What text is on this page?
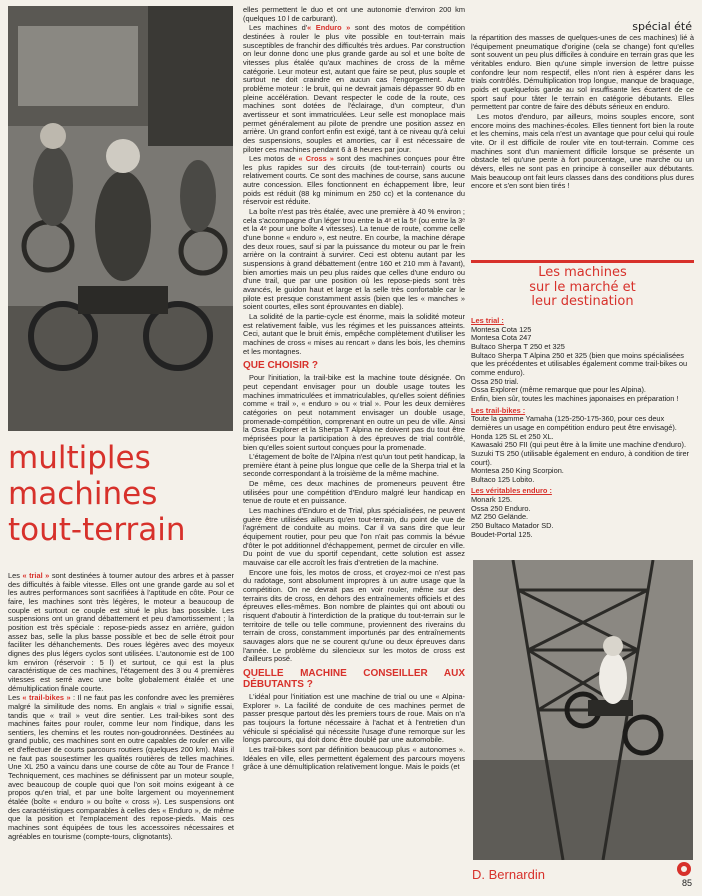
multiples
machines
tout-terrain

Les « trial » sont destinées à tourner autour des arbres et à passer des difficultés à faible vitesse. Elles ont une grande garde au sol et les autres performances sont sacrifiées à l'aptitude en côte. Pour ce faire, les machines sont très légères, le moteur a beaucoup de couple et surtout ce couple est situé le plus bas possible. Les suspensions ont un grand débattement et peu d'amortissement ; la position est très spéciale : repose-pieds assez en arrière, guidon assez bas, selle la plus basse possible et bec de selle étroit pour faciliter les déhanchements. Des roues légères avec des moyeux dignes des plus légers cyclos sont utilisées. L'autonomie est de 100 km environ (réservoir : 5 l) et surtout, ce qui est la plus caractéristique de ces machines, l'étagement des 3 ou 4 premières vitesses est serré avec une boîte globalement étalée et une démultiplication finale courte.

Les « trail-bikes » : Il ne faut pas les confondre avec les premières malgré la similitude des noms. En anglais « trial » signifie essai, tandis que « trail » veut dire sentier. Les trail-bikes sont des machines faites pour rouler, comme leur nom l'indique, dans les sentiers, les chemins et les routes non-goudronnées. Destinées au grand public, ces machines sont en outre capables de rouler en ville et d'effectuer de courts parcours routiers (quelques 200 km). Mais il ne faut pas sousestimer les qualités routières de telles machines. Une XL 250 a vaincu dans une course de côte au Tour de France ! Techniquement, ces machines se définissent par un moteur souple, avec beaucoup de couple quoi que l'on soit moins exigeant à ce propos qu'en trial, et par une boîte largement ou moyennement étalée (boîte « enduro » ou boîte « cross »). Les suspensions ont des caractéristiques comparables à celles des « Enduro », de même que la position et l'emplacement des repose-pieds. Mais ces machines sont équipées de tous les accessoires nécessaires et agréables en tourisme (compte-tours, clignotants).

elles permettent le duo et ont une autonomie d'environ 200 km (quelques 10 l de carburant).

Les machines d'« Enduro » sont des motos de compétition destinées à rouler le plus vite possible en tout-terrain mais susceptibles de franchir des difficultés très ardues. Par construction on leur donne donc une plus grande garde au sol et une boîte de vitesses plus étalée qu'aux machines de cross de la même catégorie. Leur moteur est, autant que faire se peut, plus souple et surtout ne doit craindre en aucun cas l'engorgement. Autre problème moteur : le bruit, qui ne devrait jamais dépasser 90 db en pleine accélération. Devant respecter le code de la route, ces machines sont dotées de l'éclairage, d'un compteur, d'un avertisseur et sont immatriculées. Leur selle est monoplace mais permet généralement au pilote de prendre une position assez en arrière. Un grand confort enfin est exigé, tant à ce niveau qu'à celui des suspensions, souples et amorties, car il est nécessaire de piloter ces machines pendant 6 à 8 heures par jour.

Les motos de « Cross » sont des machines conçues pour être les plus rapides sur des circuits (de tout-terrain) courts ou relativement courts. Ce sont des machines de course, sans aucune autre concession. Elles fonctionnent en échappement libre, leur poids est réduit (88 kg minimum en 250 cc) et la contenance du réservoir est réduite.

La boîte n'est pas très étalée, avec une première à 40 % environ ; cela s'accompagne d'un léger trou entre la 4ᵉ et la 5ᵉ (ou entre la 3ᵉ et la 4ᵉ pour une boîte 4 vitesses). La tenue de route, comme celle d'une bonne « enduro », est neutre. En courbe, la machine dérape des deux roues, sauf si par la puissance du moteur ou par le frein arrière on la contraint à survirer. Ceci est obtenu autant par les suspensions à grand débattement (entre 160 et 210 mm à l'avant), bien amorties mais un peu plus raides que celles d'une enduro ou d'une trail, que par une position où les repose-pieds sont très avancés, le guidon haut et large et la selle très confortable car le pilote est presque constamment assis (bien que les « manches » soient courtes, elles sont éprouvantes en diable).

La solidité de la partie-cycle est énorme, mais la solidité moteur est relativement faible, vus les régimes et les puissances atteints. Ceci, autant que le bruit émis, empêche complètement d'utiliser les machines de cross « mises au rencart » dans les bois, les chemins et les montagnes.

QUE CHOISIR ?

Pour l'initiation, la trail-bike est la machine toute désignée. On peut cependant envisager pour un double usage toutes les machines immatriculées et immatriculables, qu'elles soient définies comme « trail », « enduro » ou « trial ». Pour les deux dernières catégories on peut notamment envisager un double usage, promenade-compétition, comprenant en outre un peu de ville. Ainsi la Ossa Explorer et la Sherpa T Alpina ne doivent pas du tout être méprisées pour la participation à des épreuves de trial contrôlé, bien qu'elles soient surtout conçues pour la promenade.

L'étagement de boîte de l'Alpina n'est qu'un tout petit handicap, la première étant à peine plus longue que celle de la Sherpa trial et la seconde correspondant à la troisième de la même machine.

De même, ces deux machines de promeneurs peuvent être utilisées pour une compétition d'Enduro malgré leur handicap en tenue de route et en puissance.

Les machines d'Enduro et de Trial, plus spécialisées, ne peuvent guère être utilisées ailleurs qu'en tout-terrain, du point de vue de l'agrément de conduite au moins. Car il va sans dire que leur équipement routier, pour peu que l'on n'ait pas commis la bévue d'ôter le pot additionnel d'échappement, permet de circuler en ville. Du point de vue du sportif cependant, cette solution est assez mauvaise car elle accroît les frais d'entretien de la machine.

Encore une fois, les motos de cross, et croyez-moi ce n'est pas du radotage, sont absolument impropres à un autre usage que la compétition. On ne devrait pas en voir rouler, même sur des terrains dits de cross, en dehors des entraînements officiels et des épreuves elles-mêmes. Bon nombre de plaintes qui ont abouti ou risquent d'aboutir à l'interdiction de la pratique du tout-terrain sur le territoire de telle ou telle commune, proviennent des riverains du terrain de cross, constamment importunés par des entraînements sauvages alors que ne se courent qu'une ou deux épreuves dans l'année. Le problème du silencieux sur les motos de cross est d'ailleurs posé.

QUELLE MACHINE CONSEILLER AUX DÉBUTANTS ?

L'idéal pour l'initiation est une machine de trial ou une « Alpina-Explorer ». La facilité de conduite de ces machines permet de passer presque partout dès les premiers tours de roue. Mais on n'a pas toujours la fortune nécessaire à l'achat et à l'entretien d'un véhicule si spécialisé qui nécessite l'usage d'une remorque sur les longs parcours, qui doit donc être doublé par une automobile.

Les trail-bikes sont par définition beaucoup plus « autonomes ». Idéales en ville, elles permettent également des parcours moyens grâce à une démultiplication relativement longue. Mais le poids (et

spécial été

la répartition des masses de quelques-unes de ces machines) lié à l'équipement pneumatique d'origine (cela se change) font qu'elles sont souvent un peu plus difficiles à conduire en terrain gras que les véritables enduro. Bien qu'une simple inversion de lettre puisse confondre leur nom respectif, elles n'ont rien à espérer dans les trials contrôlés. Démultiplication trop longue, manque de braquage, poids et quelquefois garde au sol insuffisante les écartent de ce sport sauf pour tâter le terrain en catégorie débutants. Elles permettent par contre de faire des débuts sérieux en enduro.

Les motos d'enduro, par ailleurs, moins souples encore, sont encore moins des machines-écoles. Elles tiennent fort bien la route et les chemins, mais cela n'est un avantage que pour celui qui roule vite. Or il est difficile de rouler vite en tout-terrain. Comme ces machines sont d'un maniement difficile lorsque se présente un obstacle tel qu'une pente à fort pourcentage, une marche ou un dévers, elles ne sont pas en principe à conseiller aux débutants. Mais beaucoup ont fait leurs classes dans des conditions plus dures encore et s'en sont bien tirés !

Les machines
sur le marché et
leur destination
Les trial :
Montesa Cota 125
Montesa Cota 247
Bultaco Sherpa T 250 et 325
Bultaco Sherpa T Alpina 250 et 325 (bien que moins spécialisées que les précédentes et utilisables également comme trail-bikes ou comme enduro).
Ossa 250 trial.
Ossa Explorer (même remarque que pour les Alpina).
Enfin, bien sûr, toutes les machines japonaises en préparation !
Les trail-bikes :
Toute la gamme Yamaha (125-250-175-360, pour ces deux dernières un usage en compétition enduro peut être envisagé).
Honda 125 SL et 250 XL.
Kawasaki 250 FII (qui peut être à la limite une machine d'enduro).
Suzuki TS 250 (utilisable également en enduro, à condition de tirer court).
Montesa 250 King Scorpion.
Bultaco 125 Lobito.
Les véritables enduro :
Monark 125.
Ossa 250 Enduro.
MZ 250 Gelände.
250 Bultaco Matador SD.
Boudet-Portal 125.
D. Bernardin
85
